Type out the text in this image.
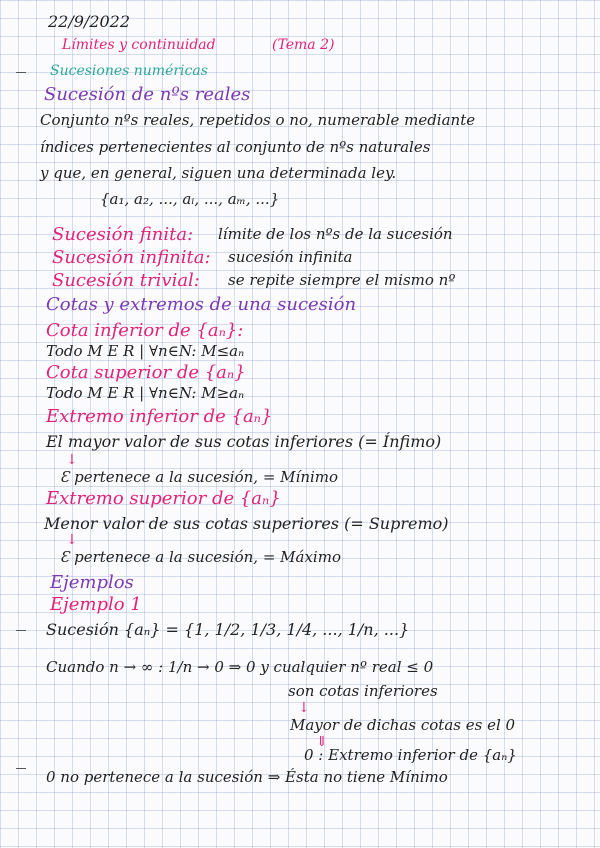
22/9/2022
Límites y continuidad	(Tema 2)
Sucesiones numéricas
Sucesión de nºs reales
Conjunto nºs reales, repetidos o no, numerable mediante
índices pertenecientes al conjunto de nºs naturales
y que, en general, siguen una determinada ley.
{a₁, a₂, ..., aᵢ, ..., aₘ, ...}
Sucesión finita: límite de los nºs de la sucesión
Sucesión infinita: sucesión infinita
Sucesión trivial: se repite siempre el mismo nº
Cotas y extremos de una sucesión
Cota inferior de {aₙ}:
Todo M E R | ∀n∈N: M≤aₙ
Cota superior de {aₙ}
Todo M E R | ∀n∈N: M≥aₙ
Extremo inferior de {aₙ}
El mayor valor de sus cotas inferiores (= Ínfimo)
↓
Ɛ pertenece a la sucesión, = Mínimo
Extremo superior de {aₙ}
Menor valor de sus cotas superiores (= Supremo)
↓
Ɛ pertenece a la sucesión, = Máximo
Ejemplos
Ejemplo 1
Sucesión {aₙ} = {1, 1/2, 1/3, 1/4, ..., 1/n, ...}
Cuando n → ∞ : 1/n → 0 ⇒ 0 y cualquier nº real ≤ 0
son cotas inferiores
↓
Mayor de dichas cotas es el 0
⇓
0 : Extremo inferior de {aₙ}
0 no pertenece a la sucesión ⇒ Ésta no tiene Mínimo
